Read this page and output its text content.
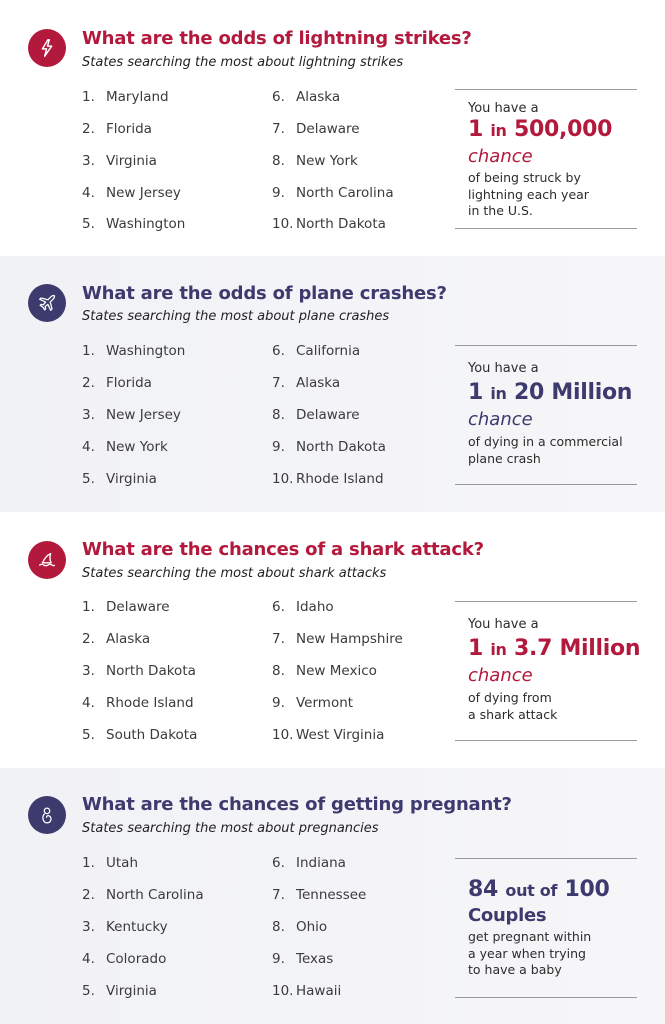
What are the odds of lightning strikes?
States searching the most about lightning strikes
1. Maryland
2. Florida
3. Virginia
4. New Jersey
5. Washington
6. Alaska
7. Delaware
8. New York
9. North Carolina
10. North Dakota
You have a
1 in 500,000
chance
of being struck by
lightning each year
in the U.S.
What are the odds of plane crashes?
States searching the most about plane crashes
1. Washington
2. Florida
3. New Jersey
4. New York
5. Virginia
6. California
7. Alaska
8. Delaware
9. North Dakota
10. Rhode Island
You have a
1 in 20 Million
chance
of dying in a commercial
plane crash
What are the chances of a shark attack?
States searching the most about shark attacks
1. Delaware
2. Alaska
3. North Dakota
4. Rhode Island
5. South Dakota
6. Idaho
7. New Hampshire
8. New Mexico
9. Vermont
10. West Virginia
You have a
1 in 3.7 Million
chance
of dying from
a shark attack
What are the chances of getting pregnant?
States searching the most about pregnancies
1. Utah
2. North Carolina
3. Kentucky
4. Colorado
5. Virginia
6. Indiana
7. Tennessee
8. Ohio
9. Texas
10. Hawaii
84 out of 100
Couples
get pregnant within
a year when trying
to have a baby
